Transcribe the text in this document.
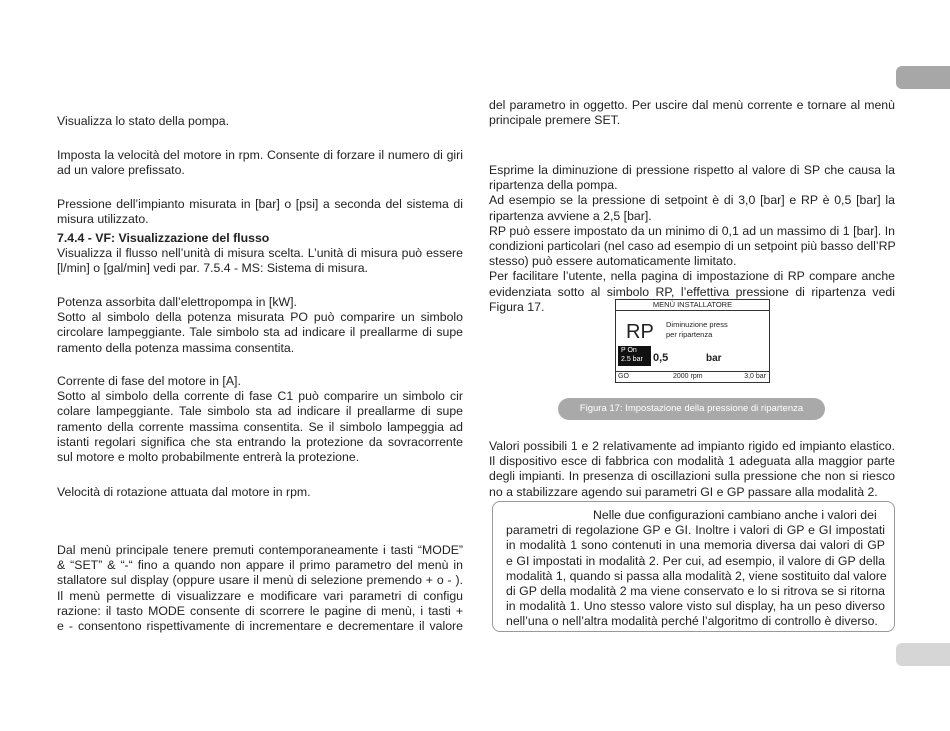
Visualizza lo stato della pompa.
Imposta la velocità del motore in rpm. Consente di forzare il numero di giri
ad un valore prefissato.
Pressione dell’impianto misurata in [bar] o [psi] a seconda del sistema di
misura utilizzato.
7.4.4 - VF: Visualizzazione del flusso
Visualizza il flusso nell’unità di misura scelta. L’unità di misura può essere
[l/min] o [gal/min] vedi par. 7.5.4 - MS: Sistema di misura.
Potenza assorbita dall’elettropompa in [kW].
Sotto al simbolo della potenza misurata PO può comparire un simbolo
circolare lampeggiante. Tale simbolo sta ad indicare il preallarme di supe
ramento della potenza massima consentita.
Corrente di fase del motore in [A].
Sotto al simbolo della corrente di fase C1 può comparire un simbolo cir
colare lampeggiante. Tale simbolo sta ad indicare il preallarme di supe
ramento della corrente massima consentita. Se il simbolo lampeggia ad
istanti regolari significa che sta entrando la protezione da sovracorrente
sul motore e molto probabilmente entrerà la protezione.
Velocità di rotazione attuata dal motore in rpm.
Dal menù principale tenere premuti contemporaneamente i tasti “MODE”
& “SET” & “-“ fino a quando non appare il primo parametro del menù in
stallatore sul display (oppure usare il menù di selezione premendo + o - ).
Il menù permette di visualizzare e modificare vari parametri di configu
razione: il tasto MODE consente di scorrere le pagine di menù, i tasti +
e - consentono rispettivamente di incrementare e decrementare il valore
del parametro in oggetto. Per uscire dal menù corrente e tornare al menù
principale premere SET.
Esprime la diminuzione di pressione rispetto al valore di SP che causa la
ripartenza della pompa.
Ad esempio se la pressione di setpoint è di 3,0 [bar] e RP è 0,5 [bar] la
ripartenza avviene a 2,5 [bar].
RP può essere impostato da un minimo di 0,1 ad un massimo di 1 [bar]. In
condizioni particolari (nel caso ad esempio di un setpoint più basso dell’RP
stesso) può essere automaticamente limitato.
Per facilitare l’utente, nella pagina di impostazione di RP compare anche
evidenziata sotto al simbolo RP, l’effettiva pressione di ripartenza vedi
Figura 17.
Valori possibili 1 e 2 relativamente ad impianto rigido ed impianto elastico.
Il dispositivo esce di fabbrica con modalità 1 adeguata alla maggior parte
degli impianti. In presenza di oscillazioni sulla pressione che non si riesco
no a stabilizzare agendo sui parametri GI e GP passare alla modalità 2.
MENÙ INSTALLATORE
RP Diminuzione press
per ripartenza
P On
2.5 bar 0,5	bar
GO	2000 rpm	3,0 bar
Figura 17: Impostazione della pressione di ripartenza
Nelle due configurazioni cambiano anche i valori dei
parametri di regolazione GP e GI. Inoltre i valori di GP e GI impostati
in modalità 1 sono contenuti in una memoria diversa dai valori di GP
e GI impostati in modalità 2. Per cui, ad esempio, il valore di GP della
modalità 1, quando si passa alla modalità 2, viene sostituito dal valore
di GP della modalità 2 ma viene conservato e lo si ritrova se si ritorna
in modalità 1. Uno stesso valore visto sul display, ha un peso diverso
nell’una o nell’altra modalità perché l’algoritmo di controllo è diverso.
